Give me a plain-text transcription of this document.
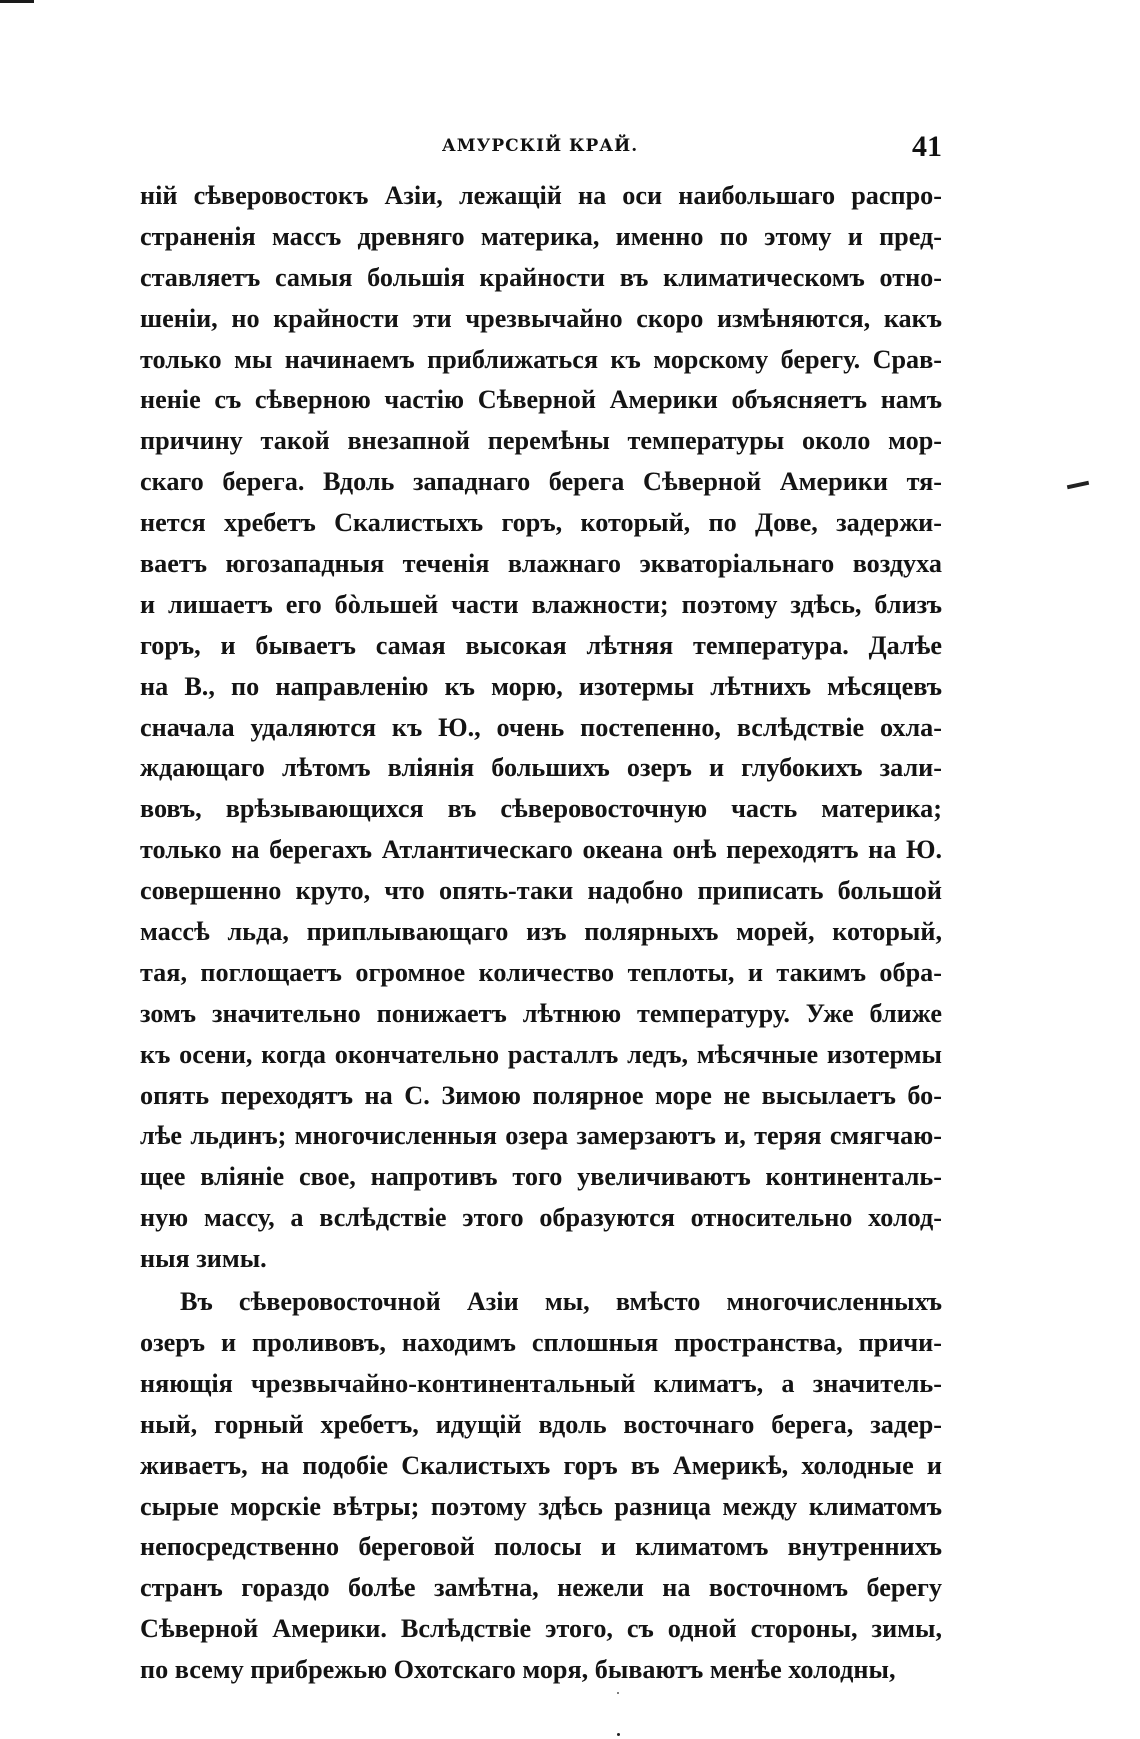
АМУРСКІЙ КРАЙ.	41
ній сѣверовостокъ Азіи, лежащій на оси наибольшаго распро-
страненія массъ древняго материка, именно по этому и пред-
ставляетъ самыя большія крайности въ климатическомъ отно-
шеніи, но крайности эти чрезвычайно скоро измѣняются, какъ
только мы начинаемъ приближаться къ морскому берегу. Срав-
неніе съ сѣверною частію Сѣверной Америки объясняетъ намъ
причину такой внезапной перемѣны температуры около мор-
скаго берега. Вдоль западнаго берега Сѣверной Америки тя-
нется хребетъ Скалистыхъ горъ, который, по Дове, задержи-
ваетъ югозападныя теченія влажнаго экваторіальнаго воздуха
и лишаетъ его бòльшей части влажности; поэтому здѣсь, близъ
горъ, и бываетъ самая высокая лѣтняя температура. Далѣе
на В., по направленію къ морю, изотермы лѣтнихъ мѣсяцевъ
сначала удаляются къ Ю., очень постепенно, вслѣдствіе охла-
ждающаго лѣтомъ вліянія большихъ озеръ и глубокихъ зали-
вовъ, врѣзывающихся въ сѣверовосточную часть материка;
только на берегахъ Атлантическаго океана онѣ переходятъ на Ю.
совершенно круто, что опять-таки надобно приписать большой
массѣ льда, приплывающаго изъ полярныхъ морей, который,
тая, поглощаетъ огромное количество теплоты, и такимъ обра-
зомъ значительно понижаетъ лѣтнюю температуру. Уже ближе
къ осени, когда окончательно расталлъ ледъ, мѣсячные изотермы
опять переходятъ на С. Зимою полярное море не высылаетъ бо-
лѣе льдинъ; многочисленныя озера замерзаютъ и, теряя смягчаю-
щее вліяніе свое, напротивъ того увеличиваютъ континенталь-
ную массу, а вслѣдствіе этого образуются относительно холод-
ныя зимы.
Въ сѣверовосточной Азіи мы, вмѣсто многочисленныхъ
озеръ и проливовъ, находимъ сплошныя пространства, причи-
няющія чрезвычайно-континентальный климатъ, а значитель-
ный, горный хребетъ, идущій вдоль восточнаго берега, задер-
живаетъ, на подобіе Скалистыхъ горъ въ Америкѣ, холодные и
сырые морскіе вѣтры; поэтому здѣсь разница между климатомъ
непосредственно береговой полосы и климатомъ внутреннихъ
странъ гораздо болѣе замѣтна, нежели на восточномъ берегу
Сѣверной Америки. Вслѣдствіе этого, съ одной стороны, зимы,
по всему прибрежью Охотскаго моря, бываютъ менѣе холодны,
